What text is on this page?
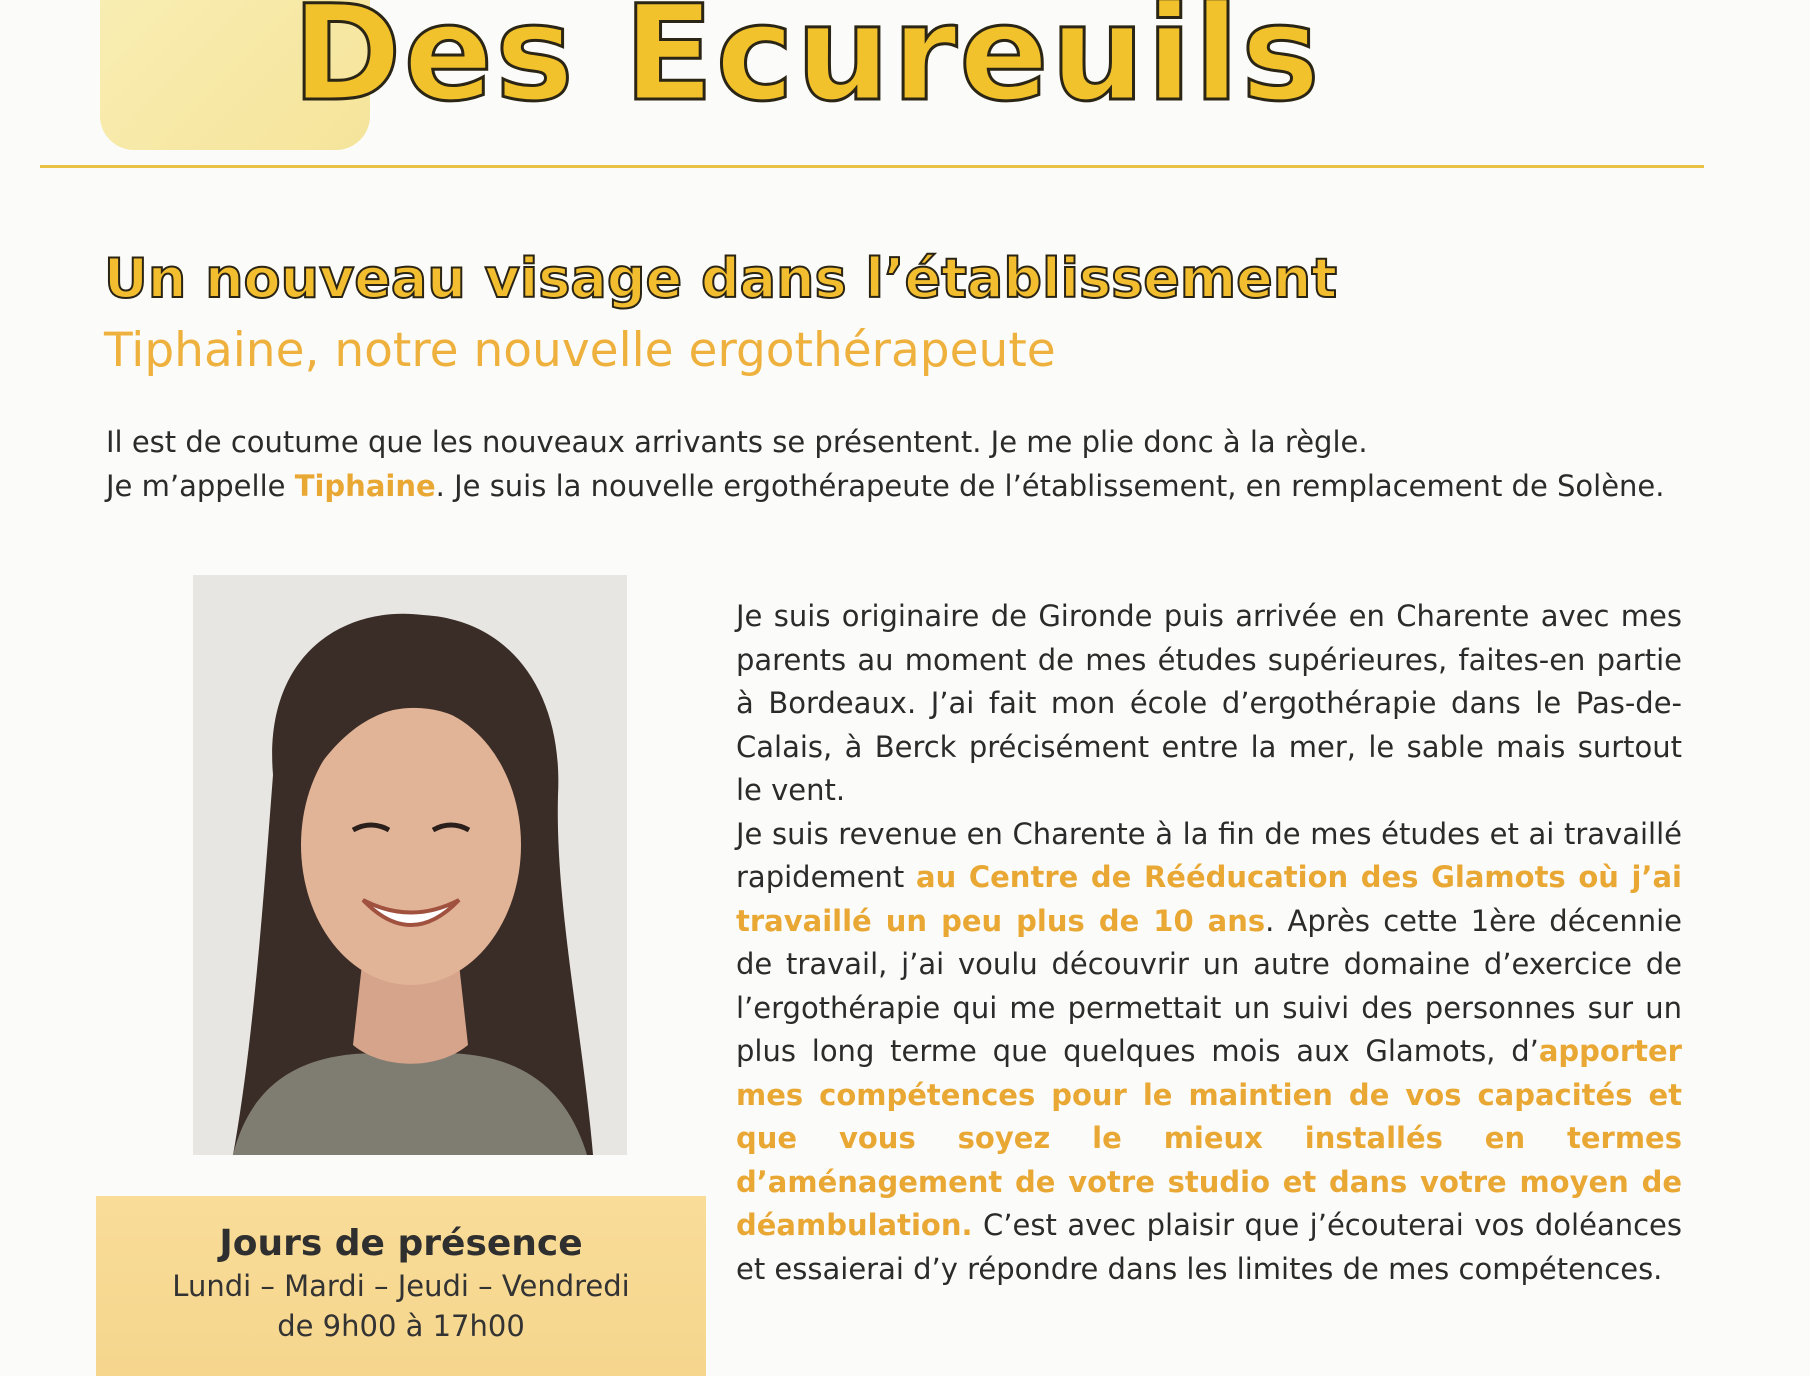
Des Ecureuils
Un nouveau visage dans l’établissement
Tiphaine, notre nouvelle ergothérapeute

Il est de coutume que les nouveaux arrivants se présentent. Je me plie donc à la règle.

Je m’appelle Tiphaine. Je suis la nouvelle ergothérapeute de l’établissement, en remplacement de Solène.

Jours de présence
Lundi – Mardi – Jeudi – Vendredi
de 9h00 à 17h00

Je suis originaire de Gironde puis arrivée en Charente avec mes parents au moment de mes études supérieures, faites-en partie à Bordeaux. J’ai fait mon école d’ergothérapie dans le Pas-de-Calais, à Berck précisément entre la mer, le sable mais surtout le vent.

Je suis revenue en Charente à la fin de mes études et ai travaillé rapidement au Centre de Rééducation des Glamots où j’ai travaillé un peu plus de 10 ans. Après cette 1ère décennie de travail, j’ai voulu découvrir un autre domaine d’exercice de l’ergothérapie qui me permettait un suivi des personnes sur un plus long terme que quelques mois aux Glamots, d’apporter mes compétences pour le maintien de vos capacités et que vous soyez le mieux installés en termes d’aménagement de votre studio et dans votre moyen de déambulation. C’est avec plaisir que j’écouterai vos doléances et essaierai d’y répondre dans les limites de mes compétences.
